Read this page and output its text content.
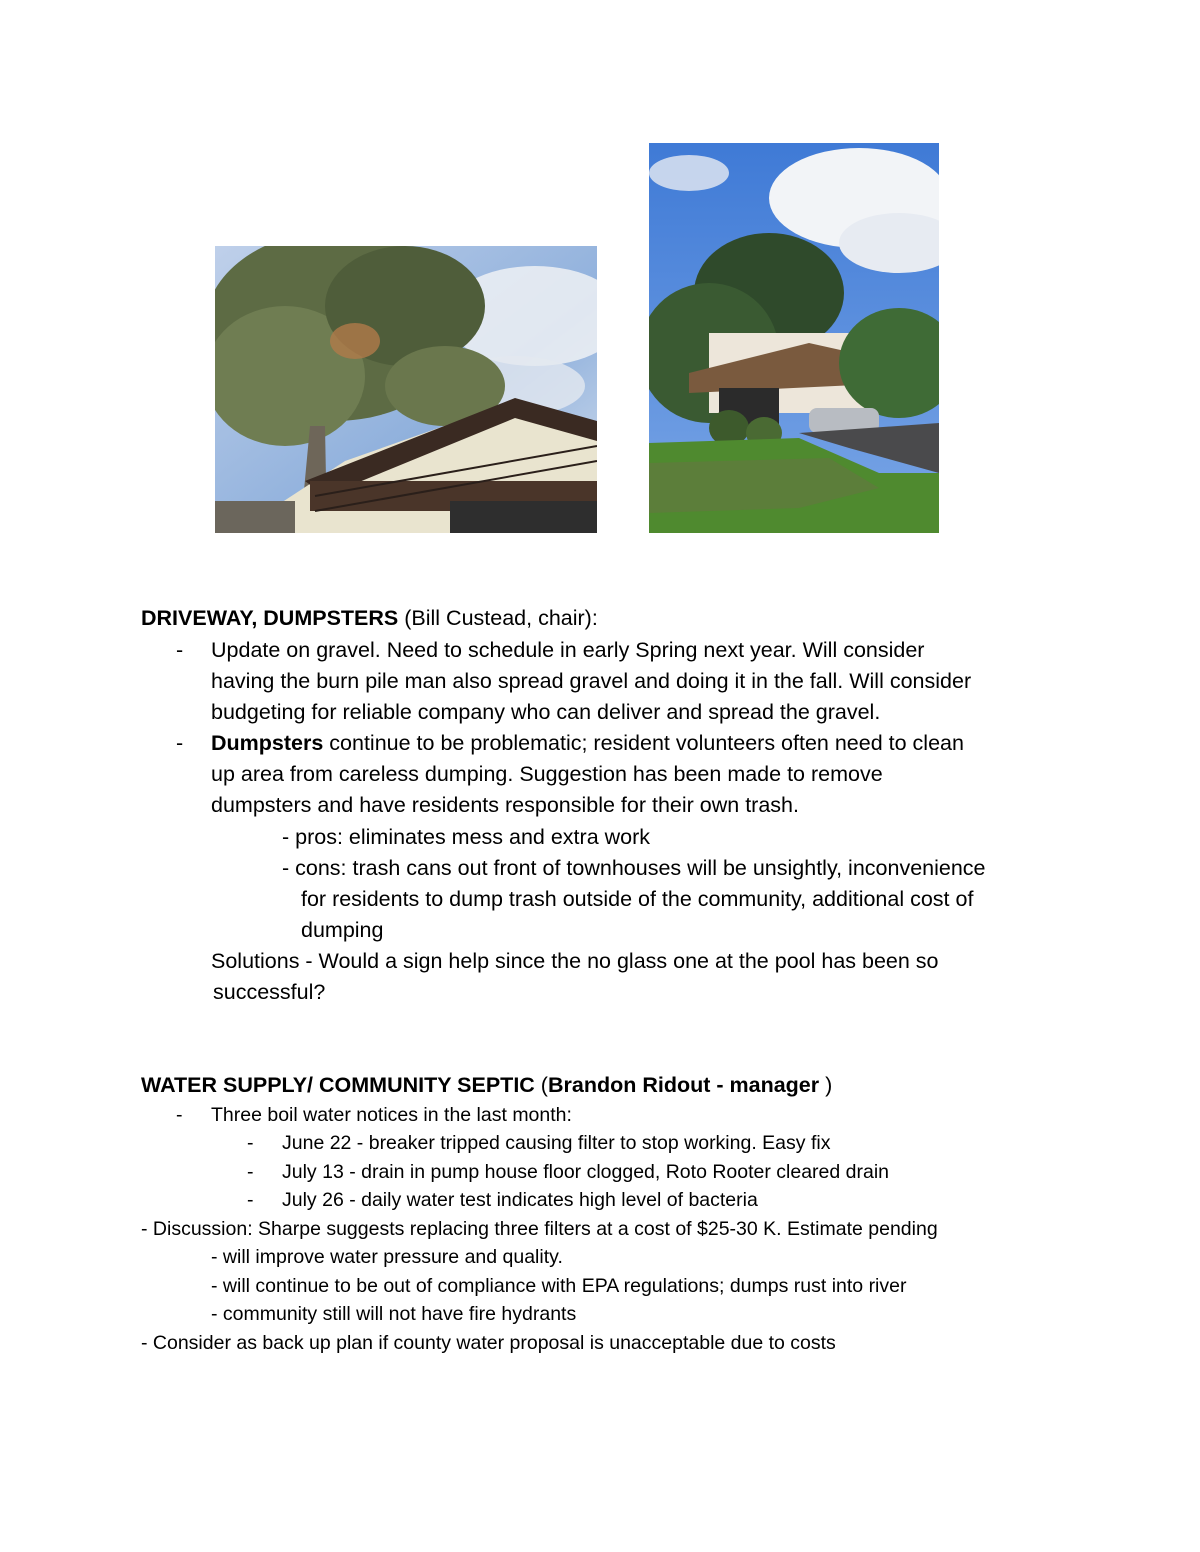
DRIVEWAY, DUMPSTERS (Bill Custead, chair):
- Update on gravel. Need to schedule in early Spring next year. Will consider
having the burn pile man also spread gravel and doing it in the fall. Will consider
budgeting for reliable company who can deliver and spread the gravel.
- Dumpsters continue to be problematic; resident volunteers often need to clean
up area from careless dumping. Suggestion has been made to remove
dumpsters and have residents responsible for their own trash.
- pros: eliminates mess and extra work
- cons: trash cans out front of townhouses will be unsightly, inconvenience
for residents to dump trash outside of the community, additional cost of
dumping
Solutions - Would a sign help since the no glass one at the pool has been so
successful?
WATER SUPPLY/ COMMUNITY SEPTIC (Brandon Ridout - manager )
- Three boil water notices in the last month:
- June 22 - breaker tripped causing filter to stop working. Easy fix
- July 13 - drain in pump house floor clogged, Roto Rooter cleared drain
- July 26 - daily water test indicates high level of bacteria
- Discussion: Sharpe suggests replacing three filters at a cost of $25-30 K. Estimate pending
- will improve water pressure and quality.
- will continue to be out of compliance with EPA regulations; dumps rust into river
- community still will not have fire hydrants
- Consider as back up plan if county water proposal is unacceptable due to costs
